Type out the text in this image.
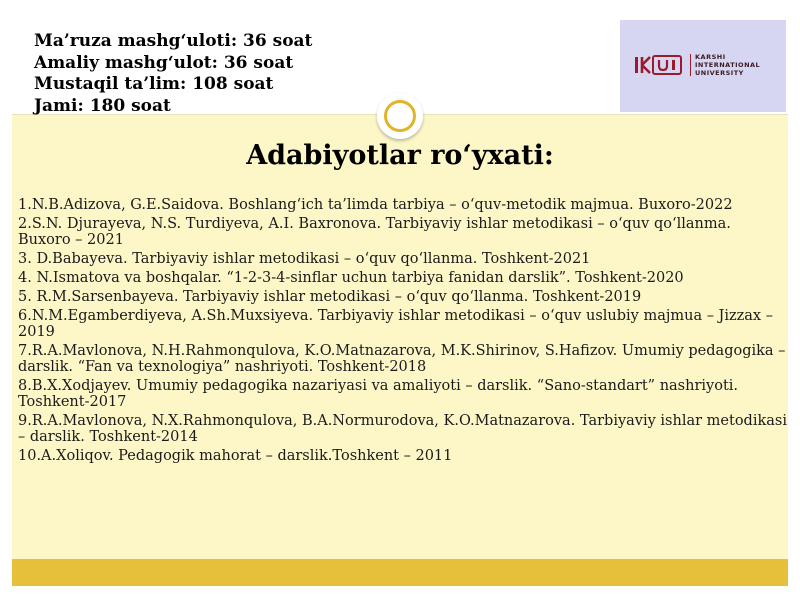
Ma’ruza mashg‘uloti: 36 soat
Amaliy mashg‘ulot: 36 soat
Mustaqil ta’lim: 108 soat
Jami: 180 soat
KARSHI
INTERNATIONAL
UNIVERSITY
Adabiyotlar ro‘yxati:
1.N.B.Adizova, G.E.Saidova. Boshlang‘ich ta’limda tarbiya – o‘quv-metodik majmua. Buxoro-2022
2.S.N. Djurayeva, N.S. Turdiyeva, A.I. Baxronova. Tarbiyaviy ishlar metodikasi – o‘quv qo‘llanma. Buxoro – 2021
3. D.Babayeva. Tarbiyaviy ishlar metodikasi – o‘quv qo‘llanma. Toshkent-2021
4. N.Ismatova va boshqalar. “1-2-3-4-sinflar uchun tarbiya fanidan darslik”. Toshkent-2020
5. R.M.Sarsenbayeva. Tarbiyaviy ishlar metodikasi – o‘quv qo‘llanma. Toshkent-2019
6.N.M.Egamberdiyeva, A.Sh.Muxsiyeva. Tarbiyaviy ishlar metodikasi – o‘quv uslubiy majmua – Jizzax – 2019
7.R.A.Mavlonova, N.H.Rahmonqulova, K.O.Matnazarova, M.K.Shirinov, S.Hafizov. Umumiy pedagogika – darslik. “Fan va texnologiya” nashriyoti. Toshkent-2018
8.B.X.Xodjayev. Umumiy pedagogika nazariyasi va amaliyoti – darslik. “Sano-standart” nashriyoti. Toshkent-2017
9.R.A.Mavlonova, N.X.Rahmonqulova, B.A.Normurodova, K.O.Matnazarova. Tarbiyaviy ishlar metodikasi – darslik. Toshkent-2014
10.A.Xoliqov. Pedagogik mahorat – darslik.Toshkent – 2011
